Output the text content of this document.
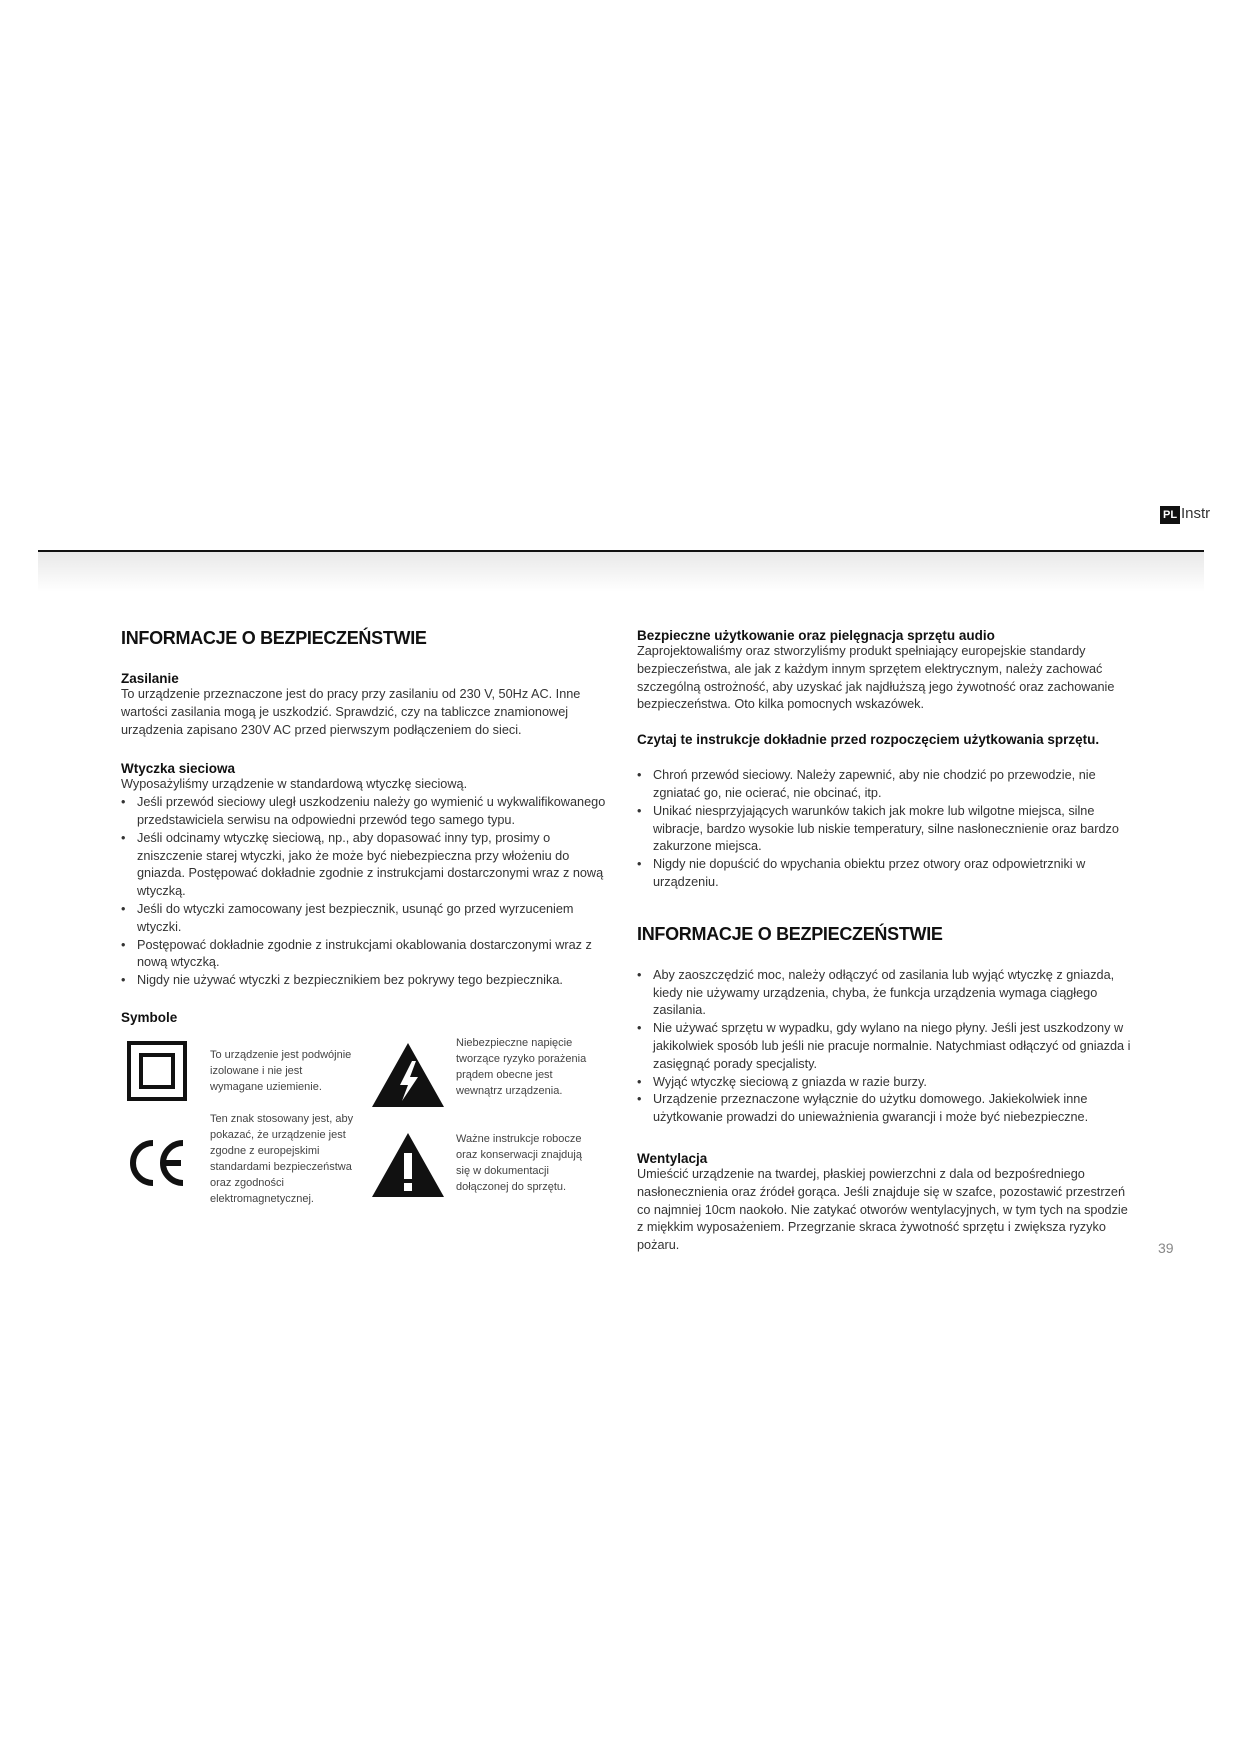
PL Instr
INFORMACJE O BEZPIECZEŃSTWIE
Zasilanie

To urządzenie przeznaczone jest do pracy przy zasilaniu od 230 V, 50Hz AC. Inne wartości zasilania mogą je uszkodzić. Sprawdzić, czy na tabliczce znamionowej urządzenia zapisano 230V AC przed pierwszym podłączeniem do sieci.

Wtyczka sieciowa

Wyposażyliśmy urządzenie w standardową wtyczkę sieciową.

• Jeśli przewód sieciowy uległ uszkodzeniu należy go wymienić u wykwalifikowanego przedstawiciela serwisu na odpowiedni przewód tego samego typu.
• Jeśli odcinamy wtyczkę sieciową, np., aby dopasować inny typ, prosimy o zniszczenie starej wtyczki, jako że może być niebezpieczna przy włożeniu do gniazda. Postępować dokładnie zgodnie z instrukcjami dostarczonymi wraz z nową wtyczką.
• Jeśli do wtyczki zamocowany jest bezpiecznik, usunąć go przed wyrzuceniem wtyczki.
• Postępować dokładnie zgodnie z instrukcjami okablowania dostarczonymi wraz z nową wtyczką.
• Nigdy nie używać wtyczki z bezpiecznikiem bez pokrywy tego bezpiecznika.
Symbole
To urządzenie jest podwójnie izolowane i nie jest wymagane uziemienie.
Niebezpieczne napięcie tworzące ryzyko porażenia prądem obecne jest wewnątrz urządzenia.
Ten znak stosowany jest, aby pokazać, że urządzenie jest zgodne z europejskimi standardami bezpieczeństwa oraz zgodności elektromagnetycznej.
Ważne instrukcje robocze oraz konserwacji znajdują się w dokumentacji dołączonej do sprzętu.
Bezpieczne użytkowanie oraz pielęgnacja sprzętu audio

Zaprojektowaliśmy oraz stworzyliśmy produkt spełniający europejskie standardy bezpieczeństwa, ale jak z każdym innym sprzętem elektrycznym, należy zachować szczególną ostrożność, aby uzyskać jak najdłuższą jego żywotność oraz zachowanie bezpieczeństwa. Oto kilka pomocnych wskazówek.

Czytaj te instrukcje dokładnie przed rozpoczęciem użytkowania sprzętu.
• Chroń przewód sieciowy. Należy zapewnić, aby nie chodzić po przewodzie, nie zgniatać go, nie ocierać, nie obcinać, itp.
• Unikać niesprzyjających warunków takich jak mokre lub wilgotne miejsca, silne wibracje, bardzo wysokie lub niskie temperatury, silne nasłonecznienie oraz bardzo zakurzone miejsca.
• Nigdy nie dopuścić do wpychania obiektu przez otwory oraz odpowietrzniki w urządzeniu.
INFORMACJE O BEZPIECZEŃSTWIE
• Aby zaoszczędzić moc, należy odłączyć od zasilania lub wyjąć wtyczkę z gniazda, kiedy nie używamy urządzenia, chyba, że funkcja urządzenia wymaga ciągłego zasilania.
• Nie używać sprzętu w wypadku, gdy wylano na niego płyny. Jeśli jest uszkodzony w jakikolwiek sposób lub jeśli nie pracuje normalnie. Natychmiast odłączyć od gniazda i zasięgnąć porady specjalisty.
• Wyjąć wtyczkę sieciową z gniazda w razie burzy.
• Urządzenie przeznaczone wyłącznie do użytku domowego. Jakiekolwiek inne użytkowanie prowadzi do unieważnienia gwarancji i może być niebezpieczne.
Wentylacja

Umieścić urządzenie na twardej, płaskiej powierzchni z dala od bezpośredniego nasłonecznienia oraz źródeł gorąca. Jeśli znajduje się w szafce, pozostawić przestrzeń co najmniej 10cm naokoło. Nie zatykać otworów wentylacyjnych, w tym tych na spodzie z miękkim wyposażeniem. Przegrzanie skraca żywotność sprzętu i zwiększa ryzyko pożaru.	39
